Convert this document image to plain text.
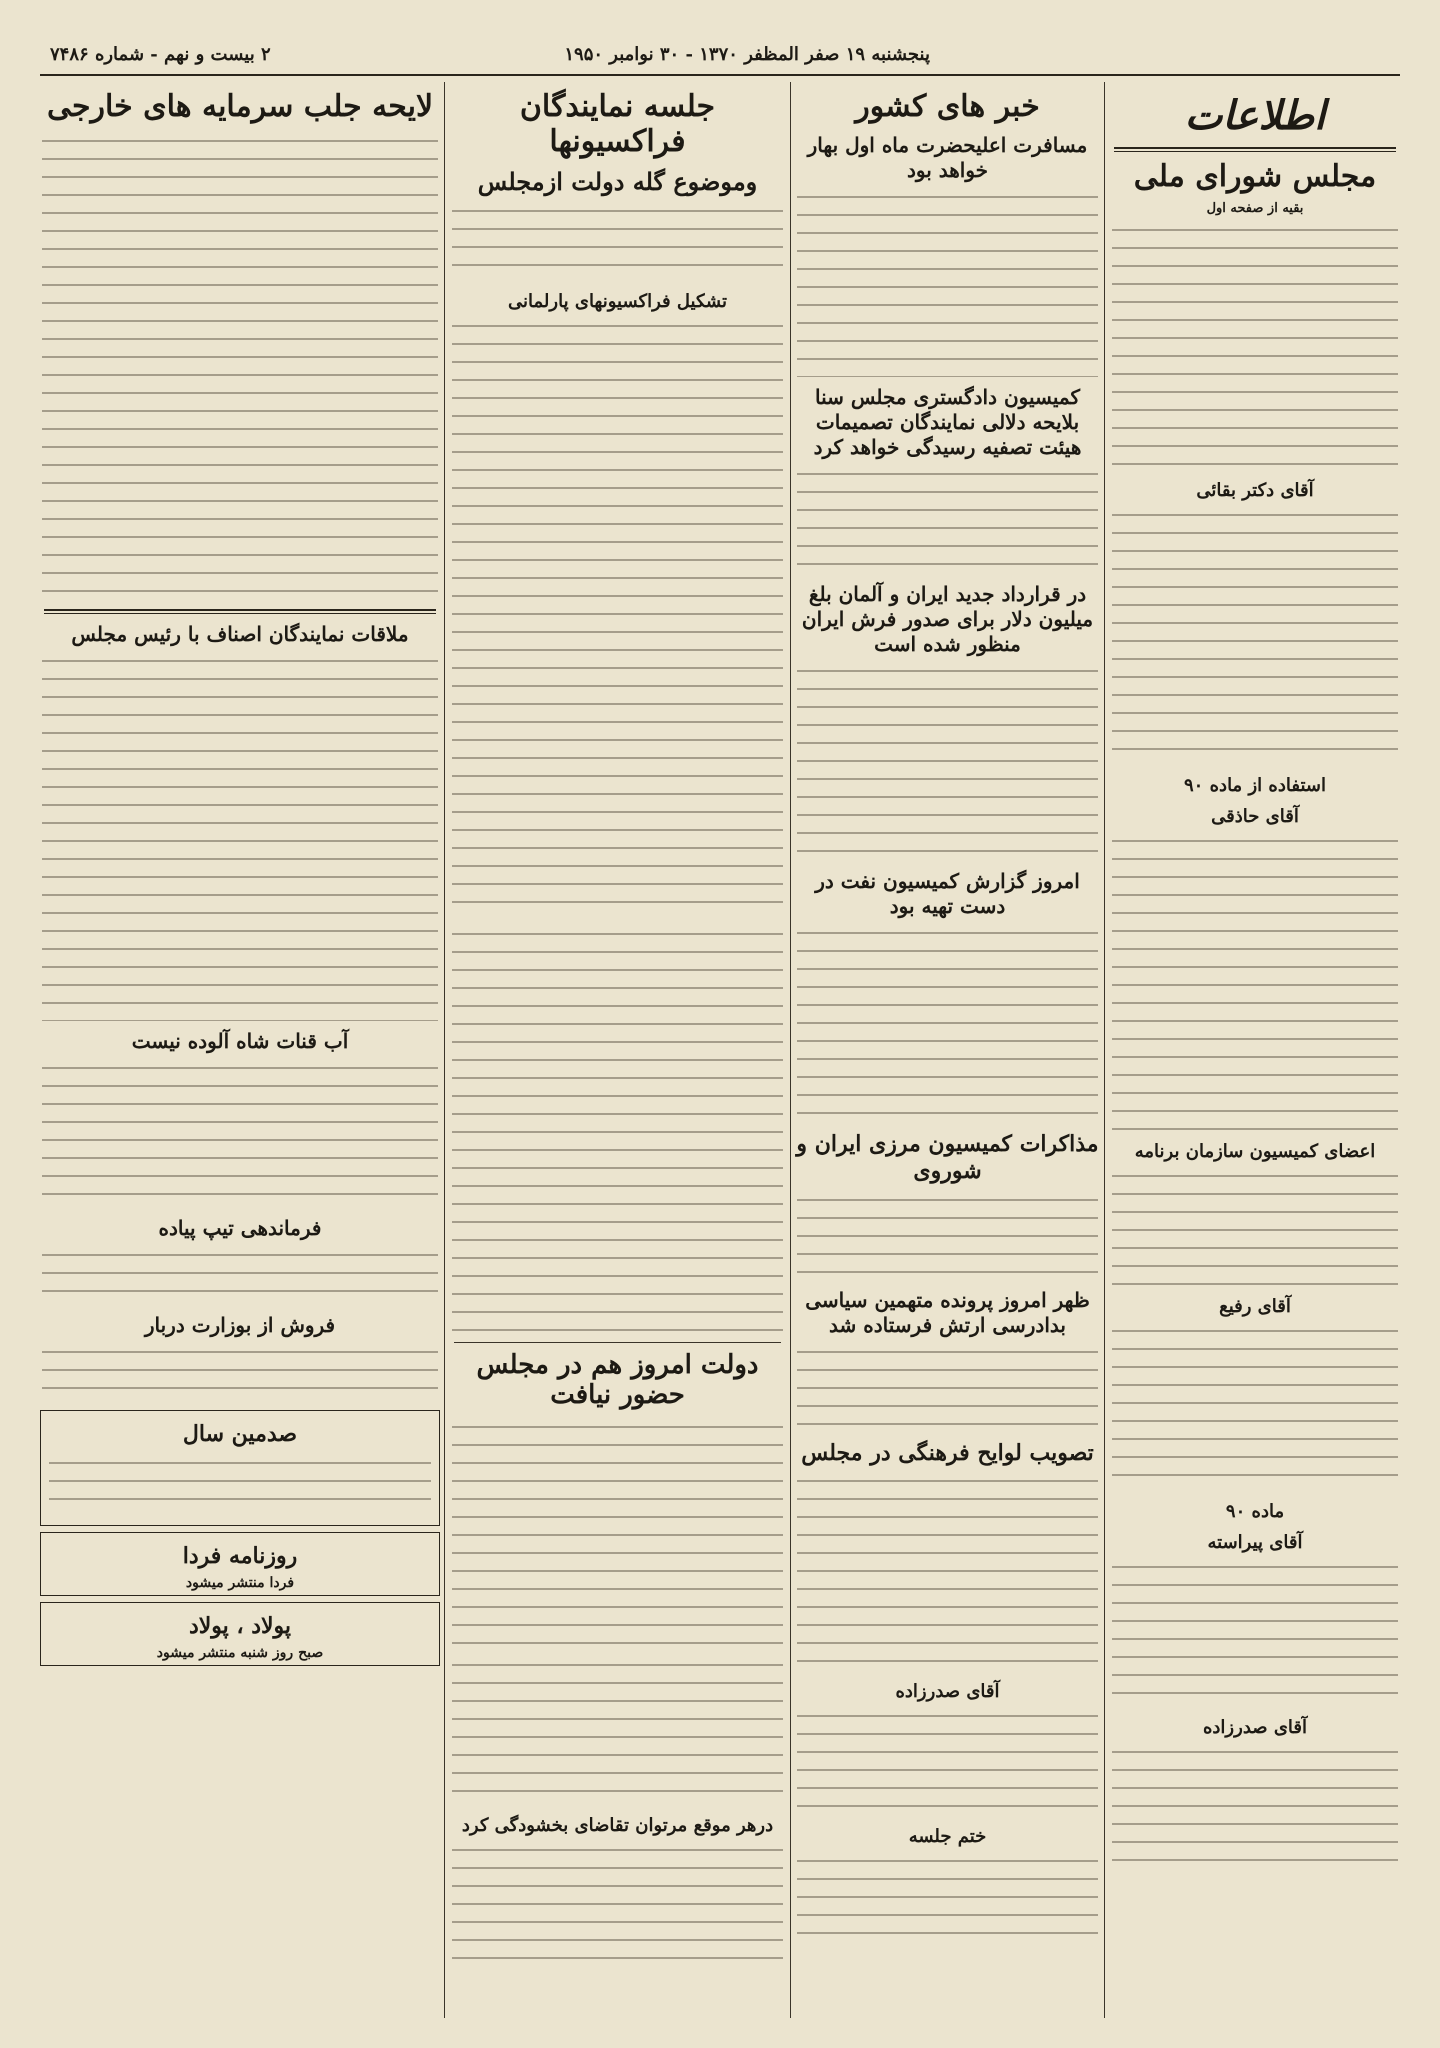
پنجشنبه ۱۹ صفر المظفر ۱۳۷۰ - ۳۰ نوامبر ۱۹۵۰
۲ بیست و نهم - شماره ۷۴۸۶
اطلاعات
مجلس شورای ملی
بقیه از صفحه اول
آقای دکتر بقائی
استفاده از ماده ۹۰
آقای حاذقی
اعضای کمیسیون سازمان برنامه
آقای رفیع
ماده ۹۰
آقای پیراسته
آقای صدرزاده
خبر های کشور
مسافرت اعلیحضرت ماه اول بهار خواهد بود
کمیسیون دادگستری مجلس سنا بلایحه دلالی نمایندگان تصمیمات هیئت تصفیه رسیدگی خواهد کرد
در قرارداد جدید ایران و آلمان بلغ میلیون دلار برای صدور فرش ایران منظور شده است
امروز گزارش کمیسیون نفت در دست تهیه بود
مذاکرات کمیسیون مرزی ایران و شوروی
ظهر امروز پرونده متهمین سیاسی بدادرسی ارتش فرستاده شد
تصویب لوایح فرهنگی در مجلس
آقای صدرزاده
ختم جلسه
جلسه نمایندگان فراکسیونها
وموضوع گله دولت ازمجلس
تشکیل فراکسیونهای پارلمانی
دولت امروز هم در مجلس حضور نیافت
درهر موقع مرتوان تقاضای بخشودگی کرد
لایحه جلب سرمایه های خارجی
ملاقات نمایندگان اصناف با رئیس مجلس
آب قنات شاه آلوده نیست
فرماندهی تیپ پیاده
فروش از بوزارت دربار
صدمین سال
روزنامه فردا
فردا منتشر میشود
پولاد ، پولاد
صبح روز شنبه منتشر میشود
